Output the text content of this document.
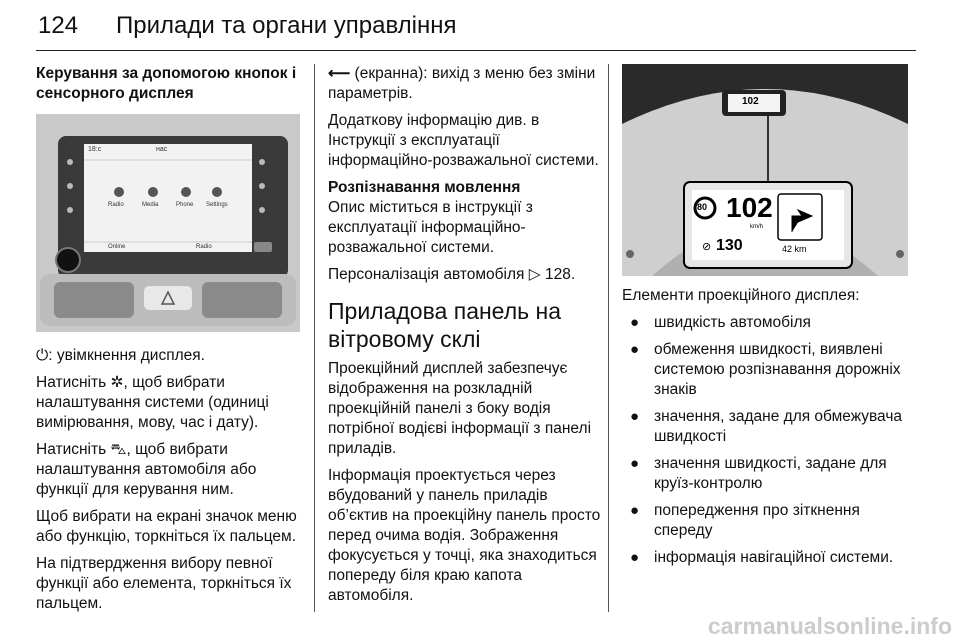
124 Прилади та органи управління

Керування за допомогою кнопок і сенсорного дисплея

18:с	нас
Radio	Media	Phone Settings
Online	Radio

⏻: увімкнення дисплея.

Натисніть ✲, щоб вибрати налаштування системи (одиниці вимірювання, мову, час і дату).

Натисніть ⛍, щоб вибрати налаштування автомобіля або функції для керування ним.

Щоб вибрати на екрані значок меню або функцію, торкніться їх пальцем.

На підтвердження вибору певної функції або елемента, торкніться їх пальцем.

⟵ (екранна): вихід з меню без зміни параметрів.

Додаткову інформацію див. в Інструкції з експлуатації інформаційно-розважальної системи.

Розпізнавання мовлення

Опис міститься в інструкції з експлуатації інформаційно-розважальної системи.

Персоналізація автомобіля ▷ 128.

Приладова панель на вітровому склі

Проекційний дисплей забезпечує відображення на розкладній проекційній панелі з боку водія потрібної водієві інформації з панелі приладів.

Інформація проектується через вбудований у панель приладів об’єктив на проекційну панель просто перед очима водія. Зображення фокусується у точці, яка знаходиться попереду біля краю капота автомобіля.

102
80 102
km/h
⊘ 130	42 km

Елементи проекційного дисплея:

● швидкість автомобіля
● обмеження швидкості, виявлені системою розпізнавання дорожніх знаків
● значення, задане для обмежувача швидкості
● значення швидкості, задане для круїз-контролю
● попередження про зіткнення спереду
● інформація навігаційної системи.
carmanualsonline.info
